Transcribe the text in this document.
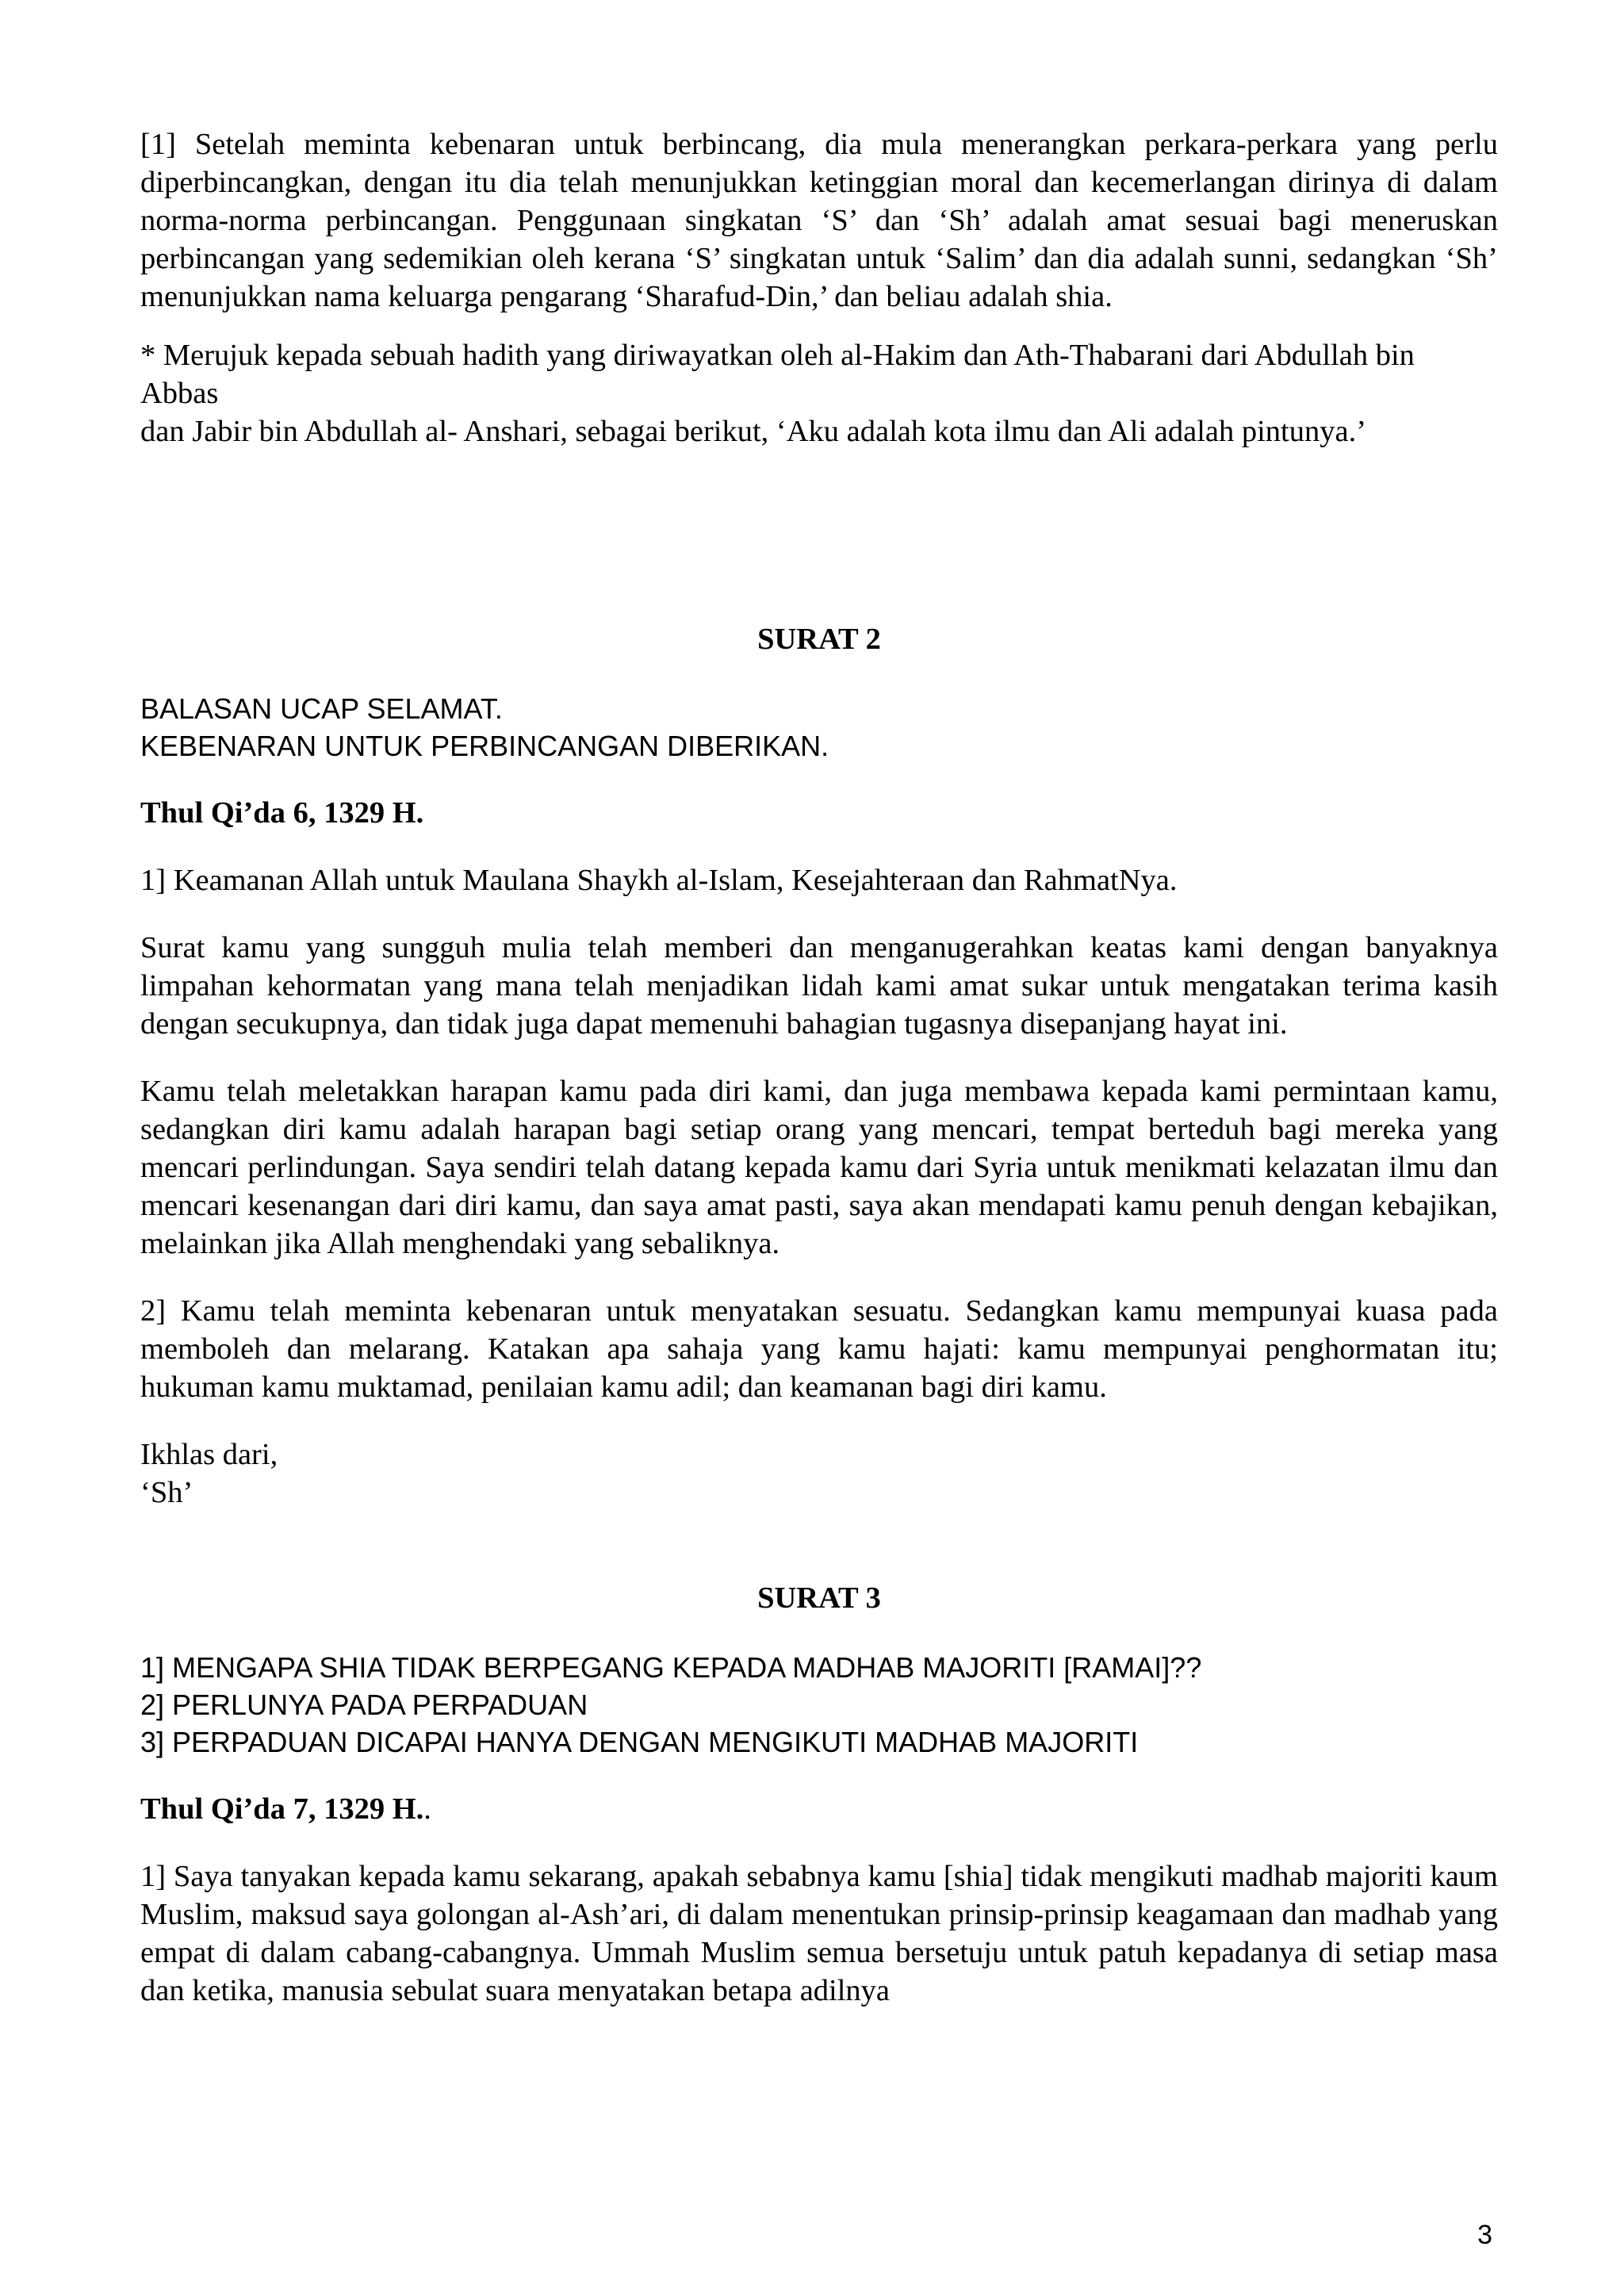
[1] Setelah meminta kebenaran untuk berbincang, dia mula menerangkan perkara-perkara yang perlu diperbincangkan, dengan itu dia telah menunjukkan ketinggian moral dan kecemerlangan dirinya di dalam norma-norma perbincangan. Penggunaan singkatan ‘S’ dan ‘Sh’ adalah amat sesuai bagi meneruskan perbincangan yang sedemikian oleh kerana ‘S’ singkatan untuk ‘Salim’ dan dia adalah sunni, sedangkan ‘Sh’ menunjukkan nama keluarga pengarang ‘Sharafud-Din,’ dan beliau adalah shia.

* Merujuk kepada sebuah hadith yang diriwayatkan oleh al-Hakim dan Ath-Thabarani dari Abdullah bin Abbas

dan Jabir bin Abdullah al- Anshari, sebagai berikut, ‘Aku adalah kota ilmu dan Ali adalah pintunya.’

SURAT 2

BALASAN UCAP SELAMAT.

KEBENARAN UNTUK PERBINCANGAN DIBERIKAN.

Thul Qi’da 6, 1329 H.

1] Keamanan Allah untuk Maulana Shaykh al-Islam, Kesejahteraan dan RahmatNya.

Surat kamu yang sungguh mulia telah memberi dan menganugerahkan keatas kami dengan banyaknya limpahan kehormatan yang mana telah menjadikan lidah kami amat sukar untuk mengatakan terima kasih dengan secukupnya, dan tidak juga dapat memenuhi bahagian tugasnya disepanjang hayat ini.

Kamu telah meletakkan harapan kamu pada diri kami, dan juga membawa kepada kami permintaan kamu, sedangkan diri kamu adalah harapan bagi setiap orang yang mencari, tempat berteduh bagi mereka yang mencari perlindungan. Saya sendiri telah datang kepada kamu dari Syria untuk menikmati kelazatan ilmu dan mencari kesenangan dari diri kamu, dan saya amat pasti, saya akan mendapati kamu penuh dengan kebajikan, melainkan jika Allah menghendaki yang sebaliknya.

2] Kamu telah meminta kebenaran untuk menyatakan sesuatu. Sedangkan kamu mempunyai kuasa pada memboleh dan melarang. Katakan apa sahaja yang kamu hajati: kamu mempunyai penghormatan itu; hukuman kamu muktamad, penilaian kamu adil; dan keamanan bagi diri kamu.

Ikhlas dari,

‘Sh’

SURAT 3

1] MENGAPA SHIA TIDAK BERPEGANG KEPADA MADHAB MAJORITI [RAMAI]??

2] PERLUNYA PADA PERPADUAN

3] PERPADUAN DICAPAI HANYA DENGAN MENGIKUTI MADHAB MAJORITI

Thul Qi’da 7, 1329 H..

1] Saya tanyakan kepada kamu sekarang, apakah sebabnya kamu [shia] tidak mengikuti madhab majoriti kaum Muslim, maksud saya golongan al-Ash’ari, di dalam menentukan prinsip-prinsip keagamaan dan madhab yang empat di dalam cabang-cabangnya. Ummah Muslim semua bersetuju untuk patuh kepadanya di setiap masa dan ketika, manusia sebulat suara menyatakan betapa adilnya

3
